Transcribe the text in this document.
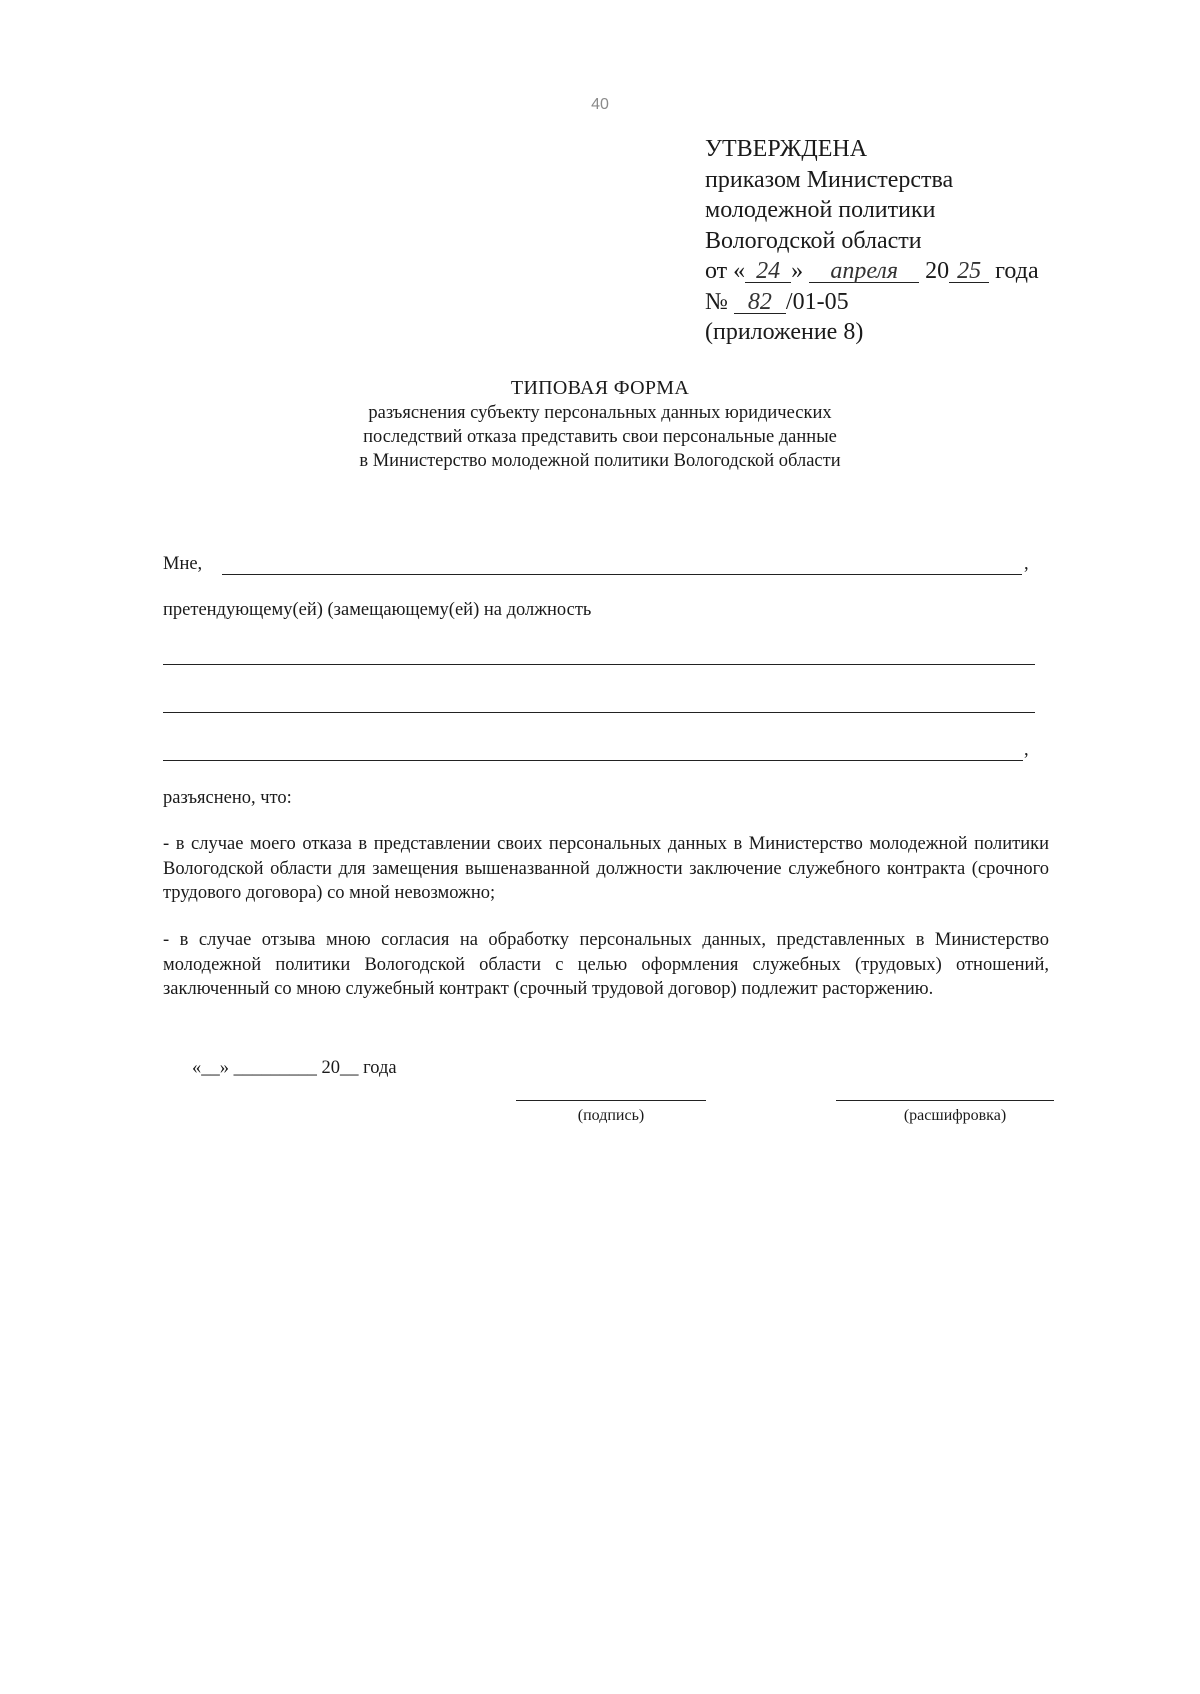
40
УТВЕРЖДЕНА
приказом Министерства
молодежной политики
Вологодской области
от « 24 » апреля 20 25 года
№ 82 /01-05
(приложение 8)
ТИПОВАЯ ФОРМА
разъяснения субъекту персональных данных юридических
последствий отказа представить свои персональные данные
в Министерство молодежной политики Вологодской области
Мне,	,
претендующему(ей) (замещающему(ей) на должность
,
разъяснено, что:
- в случае моего отказа в представлении своих персональных данных в Министерство молодежной политики Вологодской области для замещения вышеназванной должности заключение служебного контракта (срочного трудового договора) со мной невозможно;
- в случае отзыва мною согласия на обработку персональных данных, представленных в Министерство молодежной политики Вологодской области с целью оформления служебных (трудовых) отношений, заключенный со мною служебный контракт (срочный трудовой договор) подлежит расторжению.
«__» _________ 20__ года
(подпись)	(расшифровка)
